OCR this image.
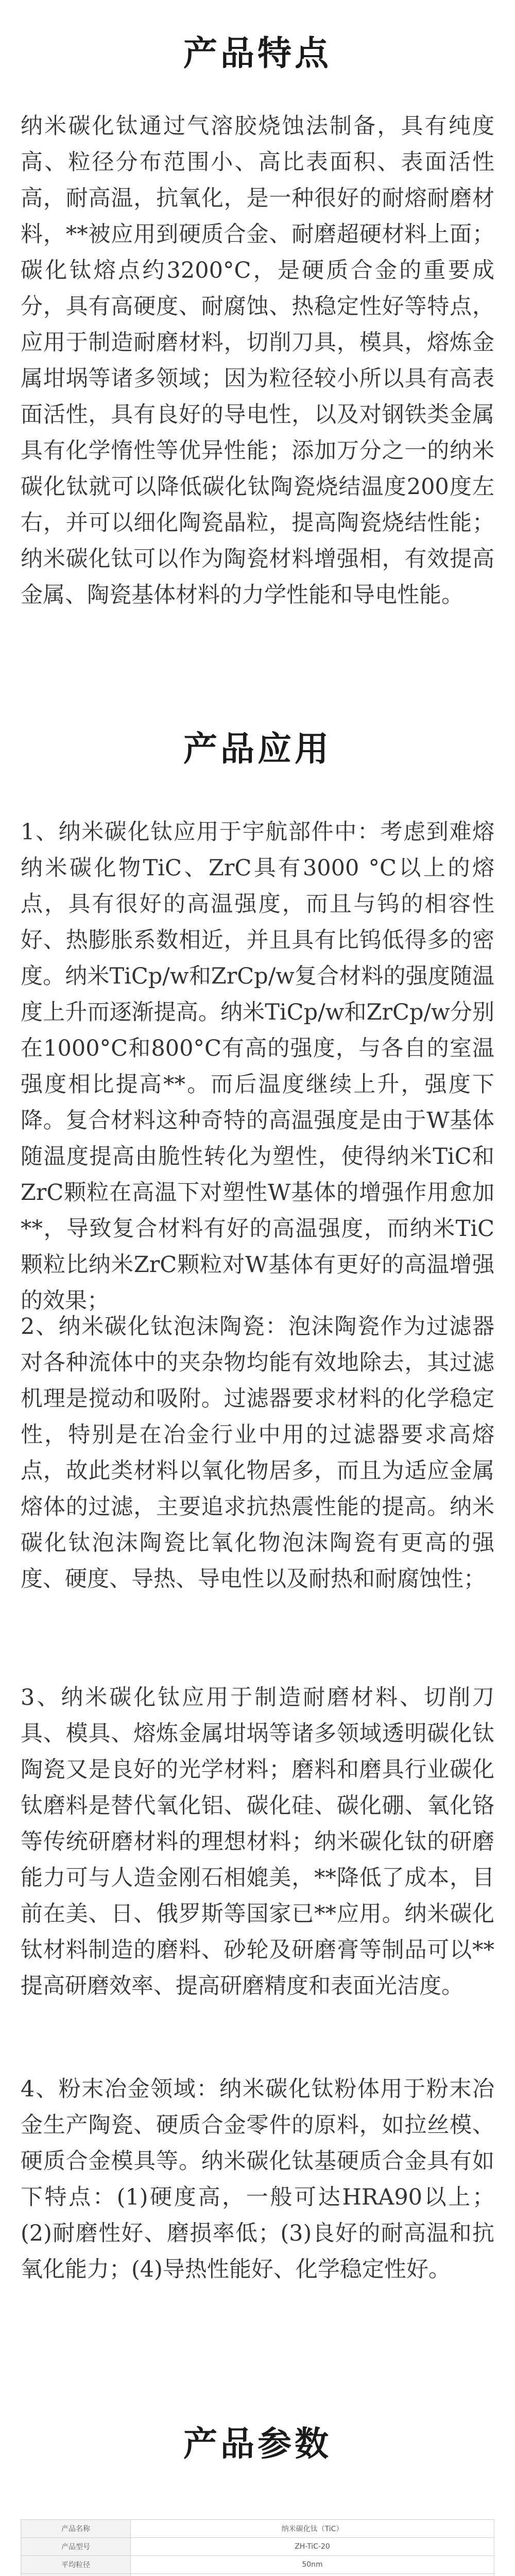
产品特点

纳米碳化钛通过气溶胶烧蚀法制备，具有纯度高、粒径分布范围小、高比表面积、表面活性高，耐高温，抗氧化，是一种很好的耐熔耐磨材料，**被应用到硬质合金、耐磨超硬材料上面；碳化钛熔点约3200°C，是硬质合金的重要成分，具有高硬度、耐腐蚀、热稳定性好等特点，应用于制造耐磨材料，切削刀具，模具，熔炼金属坩埚等诸多领域；因为粒径较小所以具有高表面活性，具有良好的导电性，以及对钢铁类金属具有化学惰性等优异性能；添加万分之一的纳米碳化钛就可以降低碳化钛陶瓷烧结温度200度左右，并可以细化陶瓷晶粒，提高陶瓷烧结性能；纳米碳化钛可以作为陶瓷材料增强相，有效提高金属、陶瓷基体材料的力学性能和导电性能。

产品应用

1、纳米碳化钛应用于宇航部件中：考虑到难熔纳米碳化物TiC、ZrC具有3000 °C以上的熔点，具有很好的高温强度，而且与钨的相容性好、热膨胀系数相近，并且具有比钨低得多的密度。纳米TiCp/w和ZrCp/w复合材料的强度随温度上升而逐渐提高。纳米TiCp/w和ZrCp/w分别在1000°C和800°C有高的强度，与各自的室温强度相比提高**。而后温度继续上升，强度下降。复合材料这种奇特的高温强度是由于W基体随温度提高由脆性转化为塑性，使得纳米TiC和ZrC颗粒在高温下对塑性W基体的增强作用愈加**，导致复合材料有好的高温强度，而纳米TiC颗粒比纳米ZrC颗粒对W基体有更好的高温增强的效果；

2、纳米碳化钛泡沫陶瓷：泡沫陶瓷作为过滤器对各种流体中的夹杂物均能有效地除去，其过滤机理是搅动和吸附。过滤器要求材料的化学稳定性，特别是在冶金行业中用的过滤器要求高熔点，故此类材料以氧化物居多，而且为适应金属熔体的过滤，主要追求抗热震性能的提高。纳米碳化钛泡沫陶瓷比氧化物泡沫陶瓷有更高的强度、硬度、导热、导电性以及耐热和耐腐蚀性；

3、纳米碳化钛应用于制造耐磨材料、切削刀具、模具、熔炼金属坩埚等诸多领域透明碳化钛陶瓷又是良好的光学材料；磨料和磨具行业碳化钛磨料是替代氧化铝、碳化硅、碳化硼、氧化铬等传统研磨材料的理想材料；纳米碳化钛的研磨能力可与人造金刚石相媲美，**降低了成本，目前在美、日、俄罗斯等国家已**应用。纳米碳化钛材料制造的磨料、砂轮及研磨膏等制品可以**提高研磨效率、提高研磨精度和表面光洁度。

4、粉末冶金领域：纳米碳化钛粉体用于粉末冶金生产陶瓷、硬质合金零件的原料，如拉丝模、硬质合金模具等。纳米碳化钛基硬质合金具有如下特点：(1)硬度高，一般可达HRA90以上；(2)耐磨性好、磨损率低；(3)良好的耐高温和抗氧化能力；(4)导热性能好、化学稳定性好。

产品参数
产品名称	纳米碳化钛（TiC）
产品型号	ZH-TiC-20
平均粒径	50nm
